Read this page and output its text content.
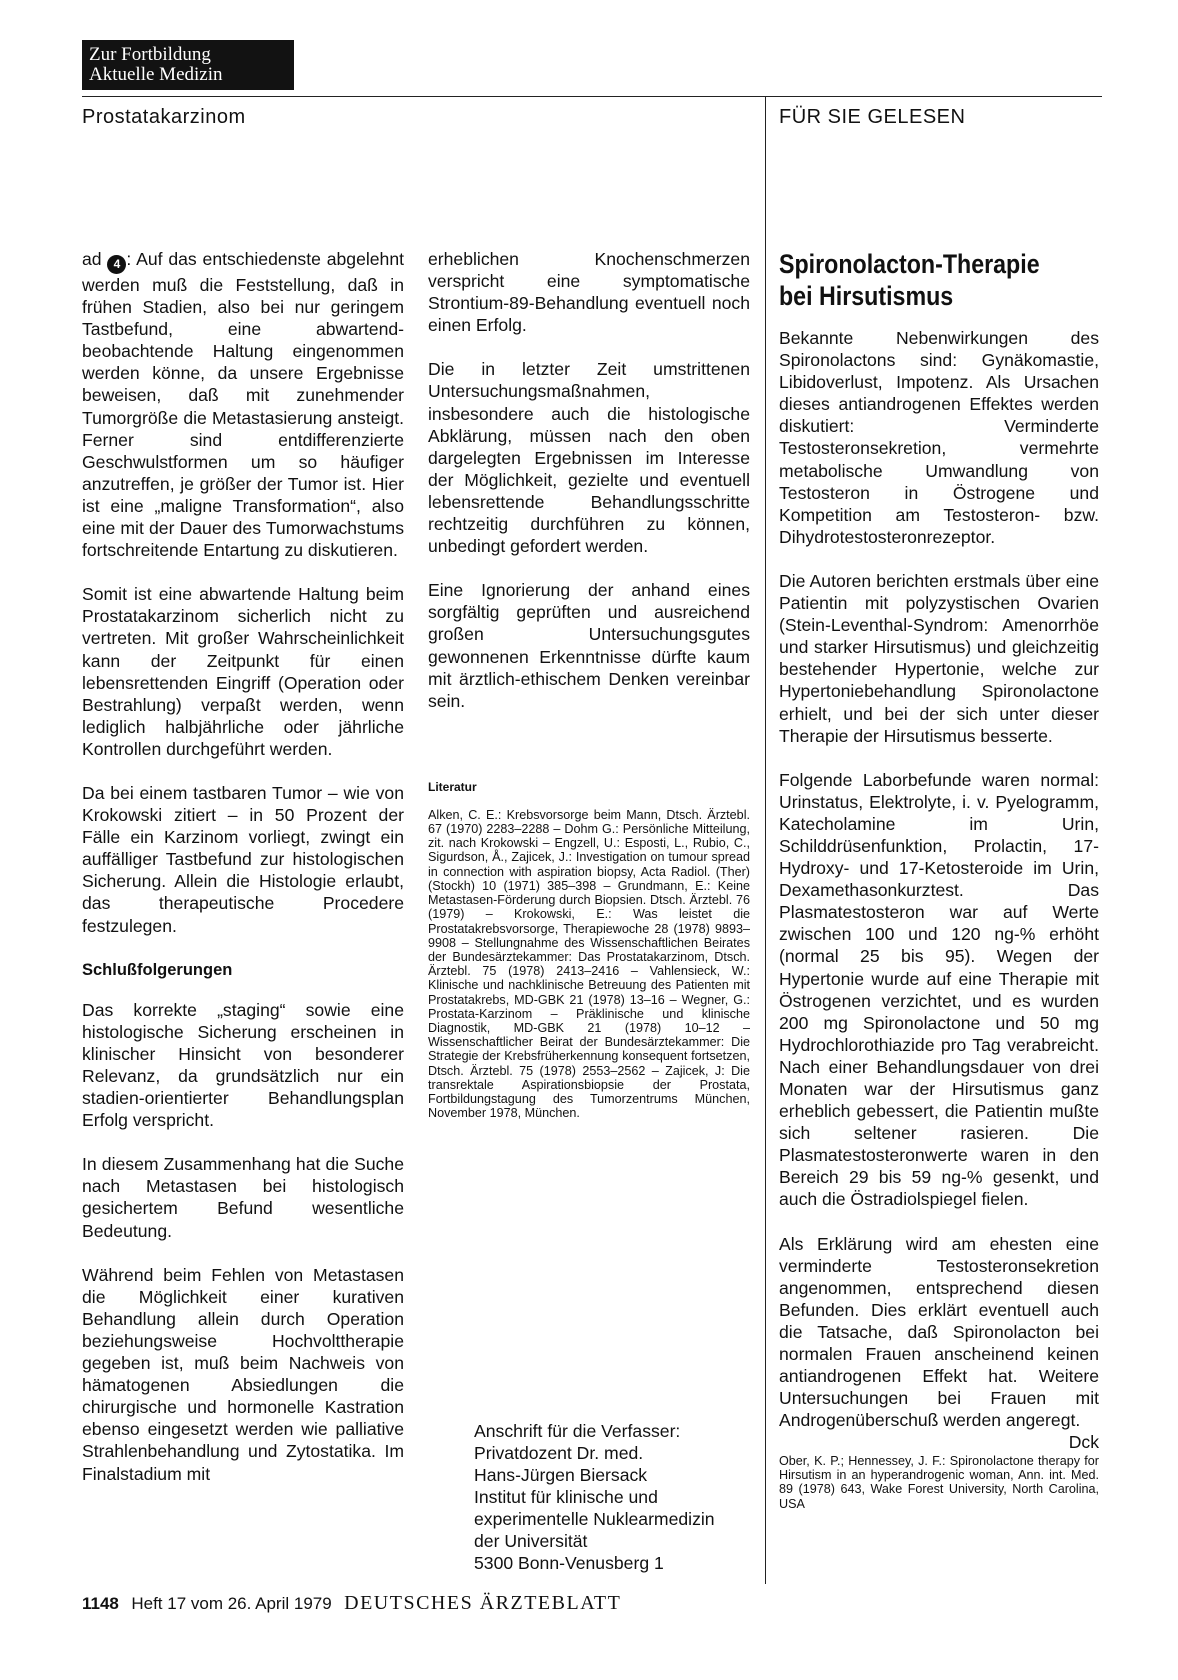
Zur Fortbildung
Aktuelle Medizin
Prostatakarzinom	FÜR SIE GELESEN

ad 4 : Auf das entschiedenste abgelehnt werden muß die Feststellung, daß in frühen Stadien, also bei nur geringem Tastbefund, eine abwartend-beobachtende Haltung eingenommen werden könne, da unsere Ergebnisse beweisen, daß mit zunehmender Tumorgröße die Metastasierung ansteigt. Ferner sind entdifferenzierte Geschwulstformen um so häufiger anzutreffen, je größer der Tumor ist. Hier ist eine „maligne Transformation“, also eine mit der Dauer des Tumorwachstums fortschreitende Entartung zu diskutieren.

Somit ist eine abwartende Haltung beim Prostatakarzinom sicherlich nicht zu vertreten. Mit großer Wahrscheinlichkeit kann der Zeitpunkt für einen lebensrettenden Eingriff (Operation oder Bestrahlung) verpaßt werden, wenn lediglich halbjährliche oder jährliche Kontrollen durchgeführt werden.

Da bei einem tastbaren Tumor – wie von Krokowski zitiert – in 50 Prozent der Fälle ein Karzinom vorliegt, zwingt ein auffälliger Tastbefund zur histologischen Sicherung. Allein die Histologie erlaubt, das therapeutische Procedere festzulegen.

Schlußfolgerungen

Das korrekte „staging“ sowie eine histologische Sicherung erscheinen in klinischer Hinsicht von besonderer Relevanz, da grundsätzlich nur ein stadien-orientierter Behandlungsplan Erfolg verspricht.

In diesem Zusammenhang hat die Suche nach Metastasen bei histologisch gesichertem Befund wesentliche Bedeutung.

Während beim Fehlen von Metastasen die Möglichkeit einer kurativen Behandlung allein durch Operation beziehungsweise Hochvolttherapie gegeben ist, muß beim Nachweis von hämatogenen Absiedlungen die chirurgische und hormonelle Kastration ebenso eingesetzt werden wie palliative Strahlenbehandlung und Zytostatika. Im Finalstadium mit

erheblichen Knochenschmerzen verspricht eine symptomatische Strontium-89-Behandlung eventuell noch einen Erfolg.

Die in letzter Zeit umstrittenen Untersuchungsmaßnahmen, insbesondere auch die histologische Abklärung, müssen nach den oben dargelegten Ergebnissen im Interesse der Möglichkeit, gezielte und eventuell lebensrettende Behandlungsschritte rechtzeitig durchführen zu können, unbedingt gefordert werden.

Eine Ignorierung der anhand eines sorgfältig geprüften und ausreichend großen Untersuchungsgutes gewonnenen Erkenntnisse dürfte kaum mit ärztlich-ethischem Denken vereinbar sein.

Literatur

Alken, C. E.: Krebsvorsorge beim Mann, Dtsch. Ärztebl. 67 (1970) 2283–2288 – Dohm G.: Persönliche Mitteilung, zit. nach Krokowski – Engzell, U.: Esposti, L., Rubio, C., Sigurdson, Å., Zajicek, J.: Investigation on tumour spread in connection with aspiration biopsy, Acta Radiol. (Ther) (Stockh) 10 (1971) 385–398 – Grundmann, E.: Keine Metastasen-Förderung durch Biopsien. Dtsch. Ärztebl. 76 (1979) – Krokowski, E.: Was leistet die Prostatakrebsvorsorge, Therapiewoche 28 (1978) 9893–9908 – Stellungnahme des Wissenschaftlichen Beirates der Bundesärztekammer: Das Prostatakarzinom, Dtsch. Ärztebl. 75 (1978) 2413–2416 – Vahlensieck, W.: Klinische und nachklinische Betreuung des Patienten mit Prostatakrebs, MD-GBK 21 (1978) 13–16 – Wegner, G.: Prostata-Karzinom – Präklinische und klinische Diagnostik, MD-GBK 21 (1978) 10–12 – Wissenschaftlicher Beirat der Bundesärztekammer: Die Strategie der Krebsfrüherkennung konsequent fortsetzen, Dtsch. Ärztebl. 75 (1978) 2553–2562 – Zajicek, J: Die transrektale Aspirationsbiopsie der Prostata, Fortbildungstagung des Tumorzentrums München, November 1978, München.

Anschrift für die Verfasser:
Privatdozent Dr. med.
Hans-Jürgen Biersack
Institut für klinische und
experimentelle Nuklearmedizin
der Universität
5300 Bonn-Venusberg 1
Spironolacton-Therapie
bei Hirsutismus

Bekannte Nebenwirkungen des Spironolactons sind: Gynäkomastie, Libidoverlust, Impotenz. Als Ursachen dieses antiandrogenen Effektes werden diskutiert: Verminderte Testosteronsekretion, vermehrte metabolische Umwandlung von Testosteron in Östrogene und Kompetition am Testosteron- bzw. Dihydrotestosteronrezeptor.

Die Autoren berichten erstmals über eine Patientin mit polyzystischen Ovarien (Stein-Leventhal-Syndrom: Amenorrhöe und starker Hirsutismus) und gleichzeitig bestehender Hypertonie, welche zur Hypertoniebehandlung Spironolactone erhielt, und bei der sich unter dieser Therapie der Hirsutismus besserte.

Folgende Laborbefunde waren normal: Urinstatus, Elektrolyte, i. v. Pyelogramm, Katecholamine im Urin, Schilddrüsenfunktion, Prolactin, 17-Hydroxy- und 17-Ketosteroide im Urin, Dexamethasonkurztest. Das Plasmatestosteron war auf Werte zwischen 100 und 120 ng-% erhöht (normal 25 bis 95). Wegen der Hypertonie wurde auf eine Therapie mit Östrogenen verzichtet, und es wurden 200 mg Spironolactone und 50 mg Hydrochlorothiazide pro Tag verabreicht. Nach einer Behandlungsdauer von drei Monaten war der Hirsutismus ganz erheblich gebessert, die Patientin mußte sich seltener rasieren. Die Plasmatestosteronwerte waren in den Bereich 29 bis 59 ng-% gesenkt, und auch die Östradiolspiegel fielen.

Als Erklärung wird am ehesten eine verminderte Testosteronsekretion angenommen, entsprechend diesen Befunden. Dies erklärt eventuell auch die Tatsache, daß Spironolacton bei normalen Frauen anscheinend keinen antiandrogenen Effekt hat. Weitere Untersuchungen bei Frauen mit Androgenüberschuß werden angeregt.
Dck

Ober, K. P.; Hennessey, J. F.: Spironolactone therapy for Hirsutism in an hyperandrogenic woman, Ann. int. Med. 89 (1978) 643, Wake Forest University, North Carolina, USA

1148 Heft 17 vom 26. April 1979 DEUTSCHES ÄRZTEBLATT
